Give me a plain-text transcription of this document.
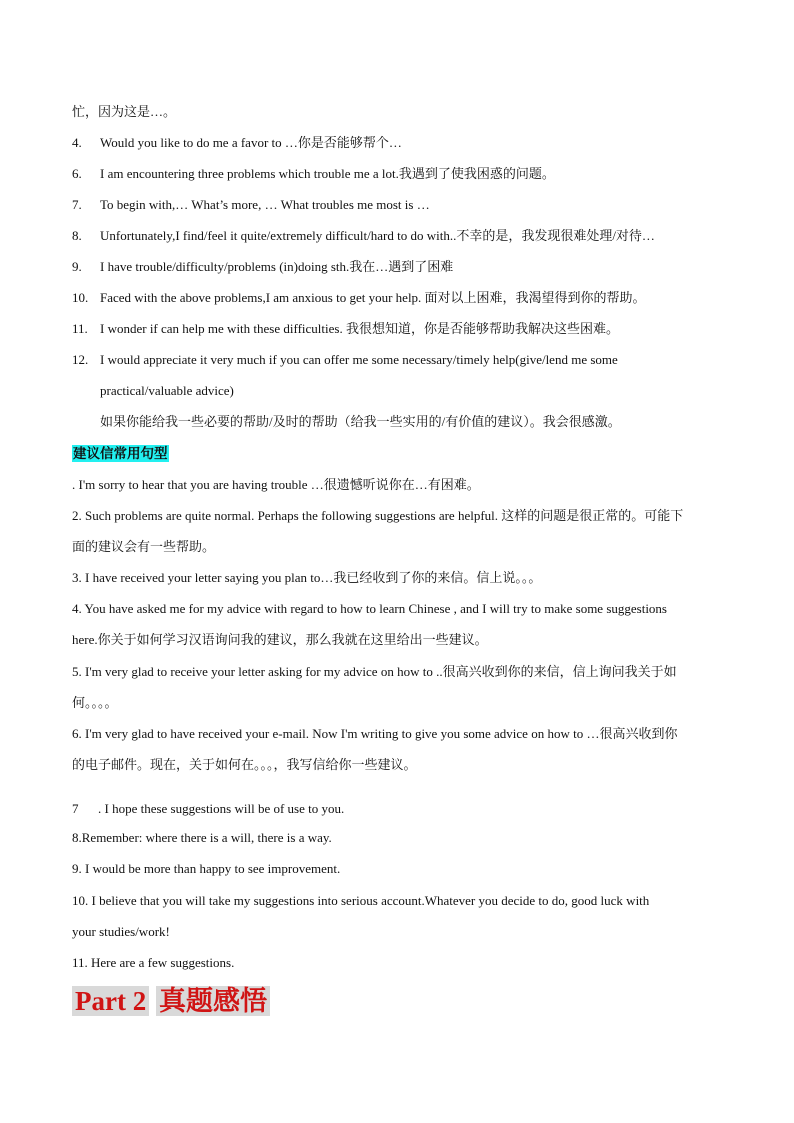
忙，因为这是…。
4. Would you like to do me a favor to …你是否能够帮个…
6. I am encountering three problems which trouble me a lot.我遇到了使我困惑的问题。
7. To begin with,… What’s more, … What troubles me most is …
8. Unfortunately,I find/feel it quite/extremely difficult/hard to do with..不幸的是，我发现很难处理/对待…
9. I have trouble/difficulty/problems (in)doing sth.我在…遇到了困难
10. Faced with the above problems,I am anxious to get your help. 面对以上困难，我渴望得到你的帮助。
11. I wonder if can help me with these difficulties. 我很想知道，你是否能够帮助我解决这些困难。
12. I would appreciate it very much if you can offer me some necessary/timely help(give/lend me some
practical/valuable advice)
如果你能给我一些必要的帮助/及时的帮助（给我一些实用的/有价值的建议）。我会很感激。
建议信常用句型
. I'm sorry to hear that you are having trouble …很遗憾听说你在…有困难。
2. Such problems are quite normal. Perhaps the following suggestions are helpful. 这样的问题是很正常的。可能下
面的建议会有一些帮助。
3. I have received your letter saying you plan to…我已经收到了你的来信。信上说。。。
4. You have asked me for my advice with regard to how to learn Chinese , and I will try to make some suggestions
here.你关于如何学习汉语询问我的建议，那么我就在这里给出一些建议。
5. I'm very glad to receive your letter asking for my advice on how to ..很高兴收到你的来信，信上询问我关于如
何。。。。
6. I'm very glad to have received your e-mail. Now I'm writing to give you some advice on how to …很高兴收到你
的电子邮件。现在，关于如何在。。。，我写信给你一些建议。
7      . I hope these suggestions will be of use to you.
8.Remember: where there is a will, there is a way.
9. I would be more than happy to see improvement.
10. I believe that you will take my suggestions into serious account.Whatever you decide to do, good luck with
your studies/work!
11. Here are a few suggestions.
Part 2 真题感悟
